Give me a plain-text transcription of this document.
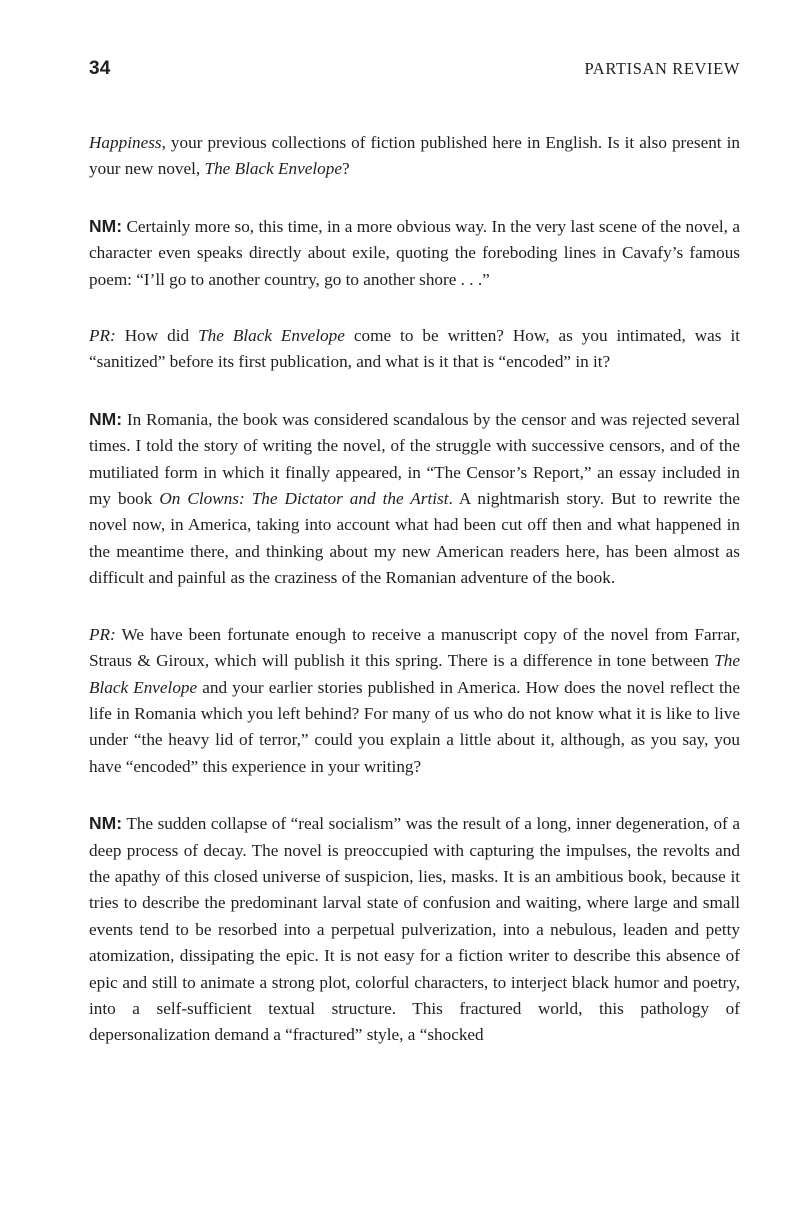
34	PARTISAN REVIEW

Happiness, your previous collections of fiction published here in English. Is it also present in your new novel, The Black Envelope?

NM: Certainly more so, this time, in a more obvious way. In the very last scene of the novel, a character even speaks directly about exile, quoting the foreboding lines in Cavafy’s famous poem: “I’ll go to another country, go to another shore . . .”

PR: How did The Black Envelope come to be written? How, as you intimated, was it “sanitized” before its first publication, and what is it that is “encoded” in it?

NM: In Romania, the book was considered scandalous by the censor and was rejected several times. I told the story of writing the novel, of the struggle with successive censors, and of the mutiliated form in which it finally appeared, in “The Censor’s Report,” an essay included in my book On Clowns: The Dictator and the Artist. A nightmarish story. But to rewrite the novel now, in America, taking into account what had been cut off then and what happened in the meantime there, and thinking about my new American readers here, has been almost as difficult and painful as the craziness of the Romanian adventure of the book.

PR: We have been fortunate enough to receive a manuscript copy of the novel from Farrar, Straus & Giroux, which will publish it this spring. There is a difference in tone between The Black Envelope and your earlier stories published in America. How does the novel reflect the life in Romania which you left behind? For many of us who do not know what it is like to live under “the heavy lid of terror,” could you explain a little about it, although, as you say, you have “encoded” this experience in your writing?

NM: The sudden collapse of “real socialism” was the result of a long, inner degeneration, of a deep process of decay. The novel is preoccupied with capturing the impulses, the revolts and the apathy of this closed universe of suspicion, lies, masks. It is an ambitious book, because it tries to describe the predominant larval state of confusion and waiting, where large and small events tend to be resorbed into a perpetual pulverization, into a nebulous, leaden and petty atomization, dissipating the epic. It is not easy for a fiction writer to describe this absence of epic and still to animate a strong plot, colorful characters, to interject black humor and poetry, into a self-sufficient textual structure. This fractured world, this pathology of depersonalization demand a “fractured” style, a “shocked
